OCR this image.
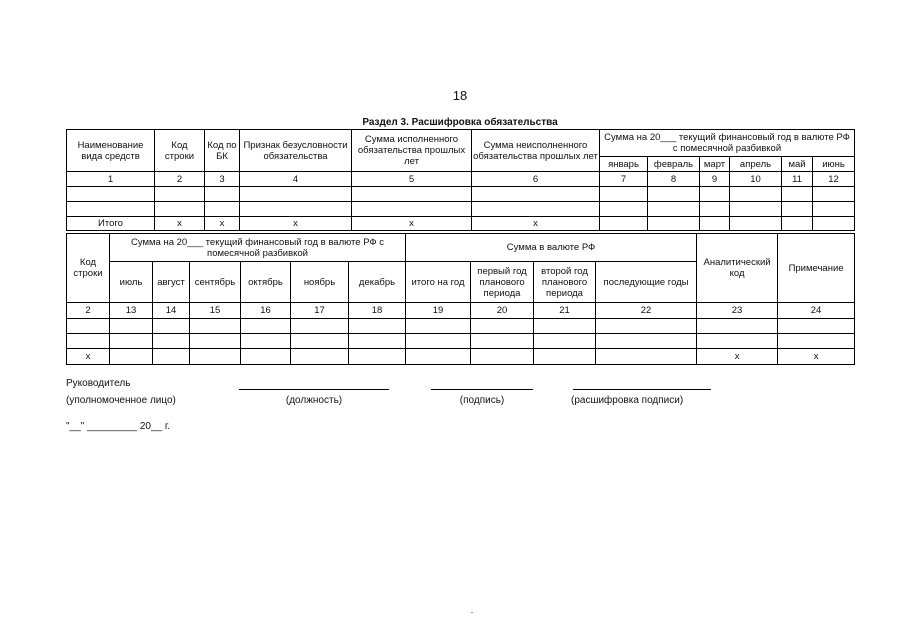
18
Раздел 3. Расшифровка обязательства
Наименование вида средств	Код строки	Код по БК	Признак безусловности обязательства	Сумма исполненного обязательства прошлых лет	Сумма неисполненного обязательства прошлых лет	Сумма на 20___ текущий финансовый год в валюте РФ с помесячной разбивкой					
						январь	февраль	март	апрель	май	июнь
1	2	3	4	5	6	7	8	9	10	11	12

Итого	x	x	x	x	x						
Код строки	Сумма на 20___ текущий финансовый год в валюте РФ с помесячной разбивкой						Сумма в валюте РФ				Аналитический код	Примечание
	июль	август	сентябрь	октябрь	ноябрь	декабрь	итого на год	первый год планового периода	второй год планового периода	последующие годы		
2	13	14	15	16	17	18	19	20	21	22	23	24

x											x	x
Руководитель
(уполномоченное лицо)	(должность)	(подпись)	(расшифровка подписи)
"__" _________ 20__ г.
